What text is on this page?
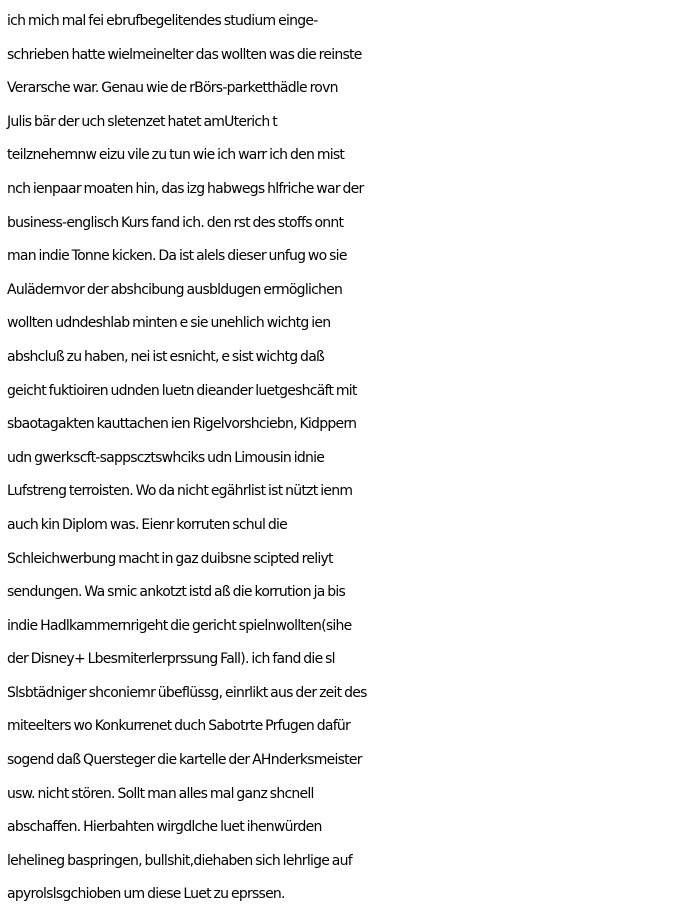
ich mich mal fei ebrufbegelitendes studium einge-
schrieben hatte wielmeinelter das wollten was die reinste
Verarsche war. Genau wie de rBörs-parketthädle rovn
Julis bär der uch sletenzet hatet amUterich t
teilznehemnw eizu vile zu tun wie ich warr ich den mist
nch ienpaar moaten hin, das izg habwegs hlfriche war der
business-englisch Kurs fand ich. den rst des stoffs onnt
man indie Tonne kicken. Da ist alels dieser unfug wo sie
Aulädernvor der abshcibung ausbldugen ermöglichen
wollten udndeshlab minten e sie unehlich wichtg ien
abshcluß zu haben, nei ist esnicht, e sist wichtg daß
geicht fuktioiren udnden luetn dieander luetgeshcäft mit
sbaotagakten kauttachen ien Rigelvorshciebn, Kidppern
udn gwerkscft-sappscztswhciks udn Limousin idnie
Lufstreng terroisten. Wo da nicht egährlist ist nützt ienm
auch kin Diplom was. Eienr korruten schul die
Schleichwerbung macht in gaz duibsne scipted reliyt
sendungen. Wa smic ankotzt istd aß die korrution ja bis
indie Hadlkammernrigeht die gericht spielnwollten(sihe
der Disney+ Lbesmiterlerprssung Fall). ich fand die sl
Slsbtädniger shconiemr übeflüssg, einrlikt aus der zeit des
miteelters wo Konkurrenet duch Sabotrte Prfugen dafür
sogend daß Quersteger die kartelle der AHnderksmeister
usw. nicht stören. Sollt man alles mal ganz shcnell
abschaffen. Hierbahten wirgdlche luet ihenwürden
lehelineg baspringen, bullshit,diehaben sich lehrlige auf
apyrolslsgchioben um diese Luet zu eprssen.
